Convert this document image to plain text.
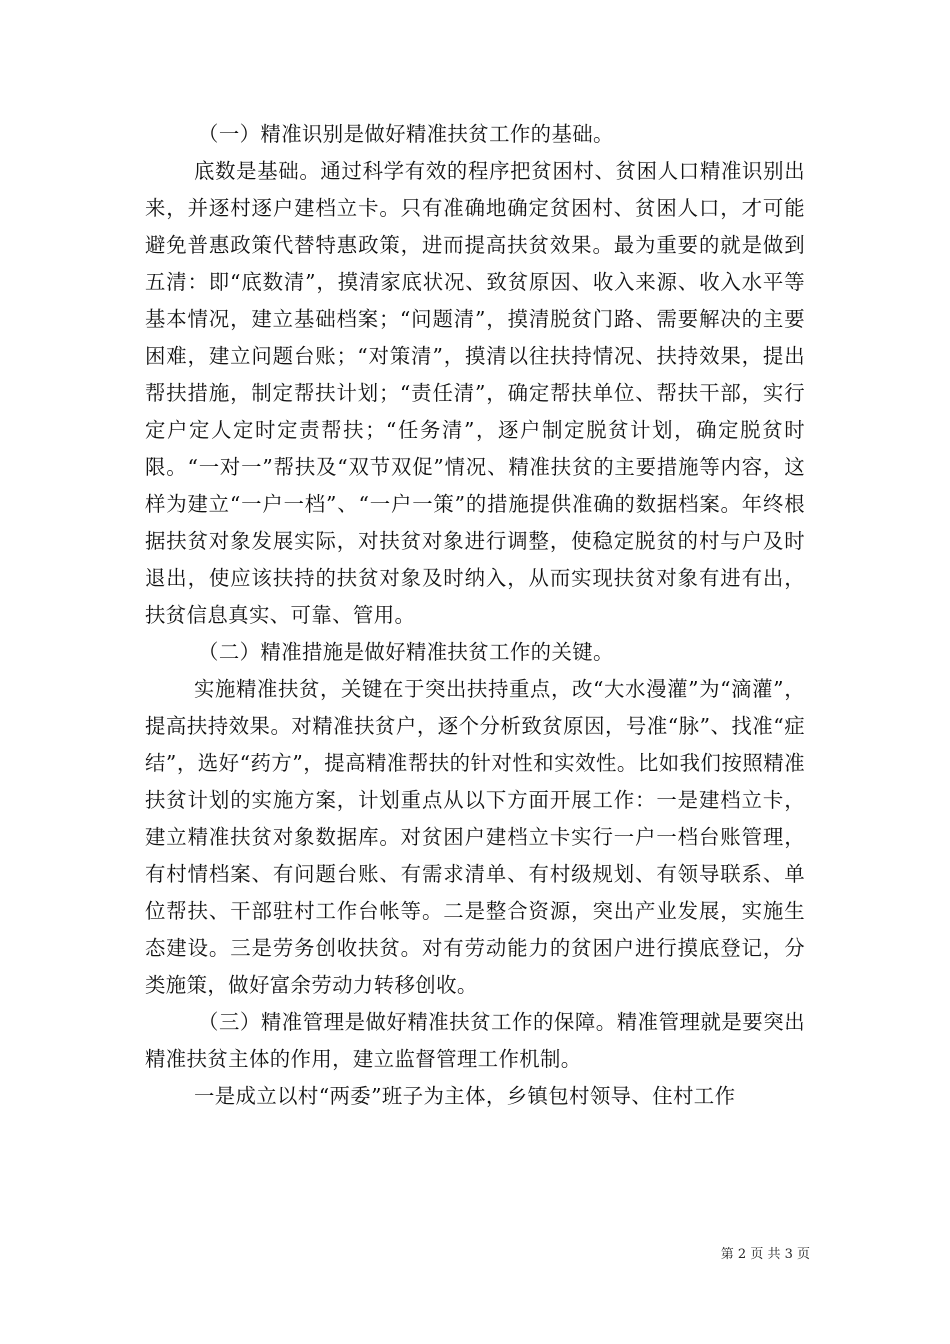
（一）精准识别是做好精准扶贫工作的基础。

底数是基础。通过科学有效的程序把贫困村、贫困人口精准识别出来，并逐村逐户建档立卡。只有准确地确定贫困村、贫困人口，才可能避免普惠政策代替特惠政策，进而提高扶贫效果。最为重要的就是做到五清：即“底数清”，摸清家底状况、致贫原因、收入来源、收入水平等基本情况，建立基础档案；“问题清”，摸清脱贫门路、需要解决的主要困难，建立问题台账；“对策清”，摸清以往扶持情况、扶持效果，提出帮扶措施，制定帮扶计划；“责任清”，确定帮扶单位、帮扶干部，实行定户定人定时定责帮扶；“任务清”，逐户制定脱贫计划，确定脱贫时限。“一对一”帮扶及“双节双促”情况、精准扶贫的主要措施等内容，这样为建立“一户一档”、“一户一策”的措施提供准确的数据档案。年终根据扶贫对象发展实际，对扶贫对象进行调整，使稳定脱贫的村与户及时退出，使应该扶持的扶贫对象及时纳入，从而实现扶贫对象有进有出，扶贫信息真实、可靠、管用。

（二）精准措施是做好精准扶贫工作的关键。

实施精准扶贫，关键在于突出扶持重点，改“大水漫灌”为“滴灌”，提高扶持效果。对精准扶贫户，逐个分析致贫原因，号准“脉”、找准“症结”，选好“药方”，提高精准帮扶的针对性和实效性。比如我们按照精准扶贫计划的实施方案，计划重点从以下方面开展工作：一是建档立卡，建立精准扶贫对象数据库。对贫困户建档立卡实行一户一档台账管理，有村情档案、有问题台账、有需求清单、有村级规划、有领导联系、单位帮扶、干部驻村工作台帐等。二是整合资源，突出产业发展，实施生态建设。三是劳务创收扶贫。对有劳动能力的贫困户进行摸底登记，分类施策，做好富余劳动力转移创收。

（三）精准管理是做好精准扶贫工作的保障。精准管理就是要突出精准扶贫主体的作用，建立监督管理工作机制。

一是成立以村“两委”班子为主体，乡镇包村领导、住村工作

第 2 页 共 3 页
